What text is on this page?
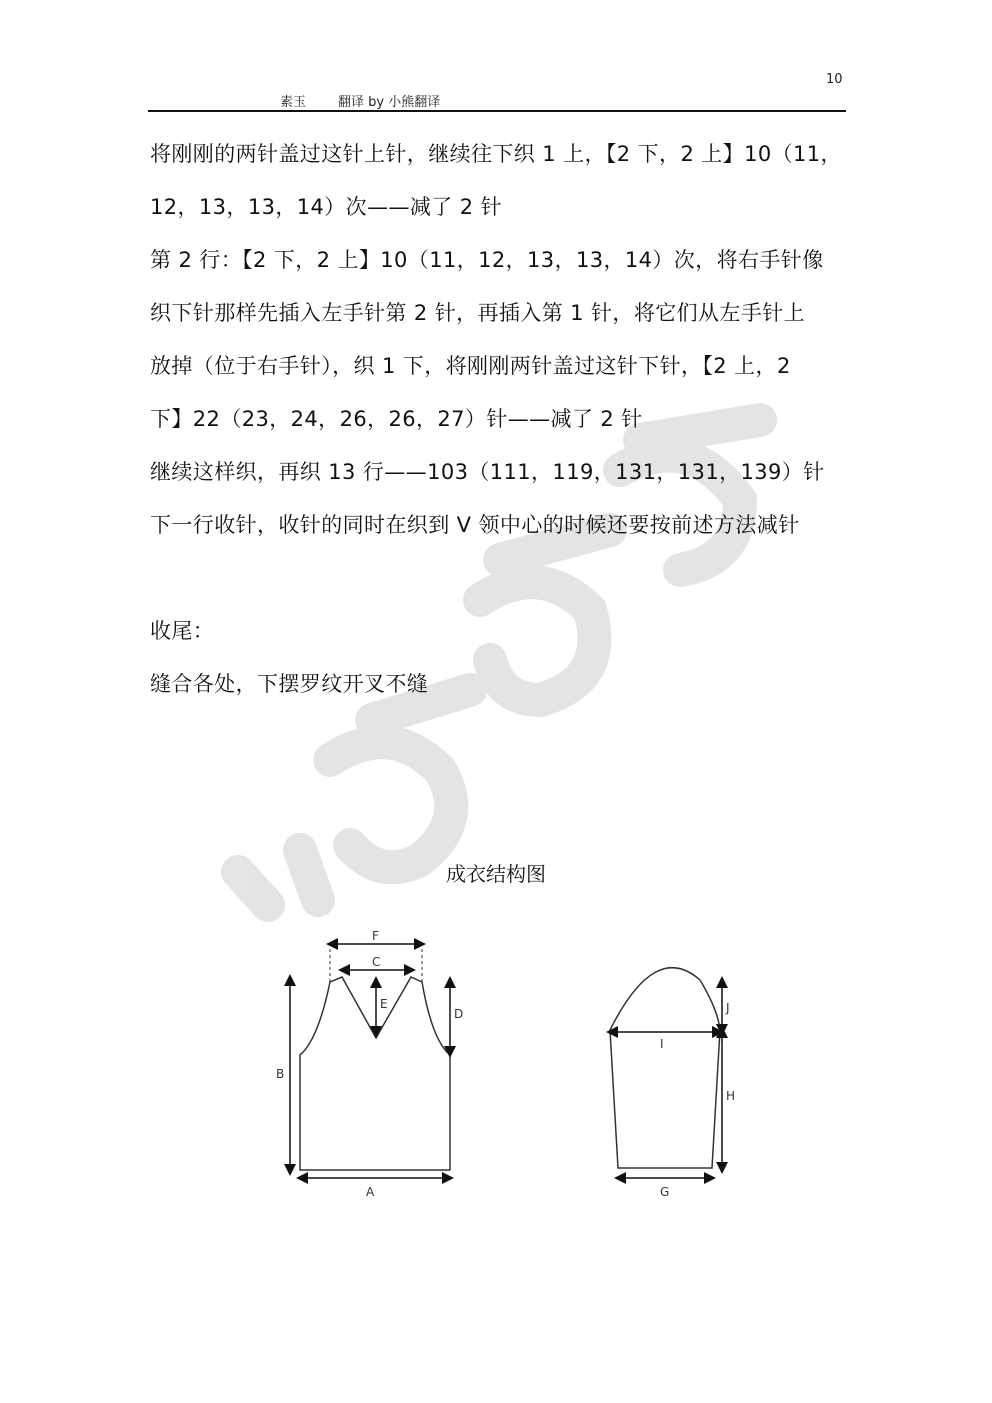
素玉 翻译 by 小熊翻译
10
将刚刚的两针盖过这针上针，继续往下织 1 上，【2 下，2 上】10（11，
12，13，13，14）次——减了 2 针
第 2 行：【2 下，2 上】10（11，12，13，13，14）次，将右手针像
织下针那样先插入左手针第 2 针，再插入第 1 针，将它们从左手针上
放掉（位于右手针），织 1 下，将刚刚两针盖过这针下针，【2 上，2
下】22（23，24，26，26，27）针——减了 2 针
继续这样织，再织 13 行——103（111，119，131，131，139）针
下一行收针，收针的同时在织到 V 领中心的时候还要按前述方法减针
收尾：
缝合各处，下摆罗纹开叉不缝
成衣结构图
F
C
E
D
B
A
I
J
H
G
